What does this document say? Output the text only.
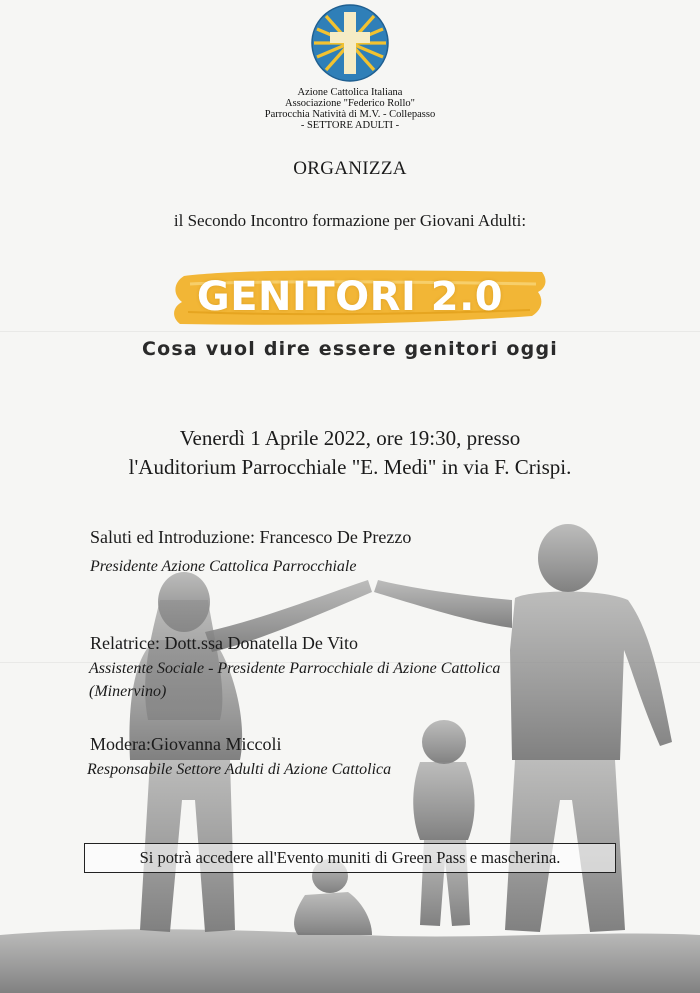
Azione Cattolica Italiana
Associazione "Federico Rollo"
Parrocchia Natività di M.V. - Collepasso
- SETTORE ADULTI -
ORGANIZZA
il Secondo Incontro formazione per Giovani Adulti:
GENITORI 2.0
Cosa vuol dire essere genitori oggi
Venerdì 1 Aprile 2022, ore 19:30, presso
l'Auditorium Parrocchiale "E. Medi" in via F. Crispi.
Saluti ed Introduzione: Francesco De Prezzo
Presidente Azione Cattolica Parrocchiale
Relatrice: Dott.ssa Donatella De Vito
Assistente Sociale - Presidente Parrocchiale di Azione Cattolica
(Minervino)
Modera:Giovanna Miccoli
Responsabile Settore Adulti di Azione Cattolica
Si potrà accedere all'Evento muniti di Green Pass e mascherina.
